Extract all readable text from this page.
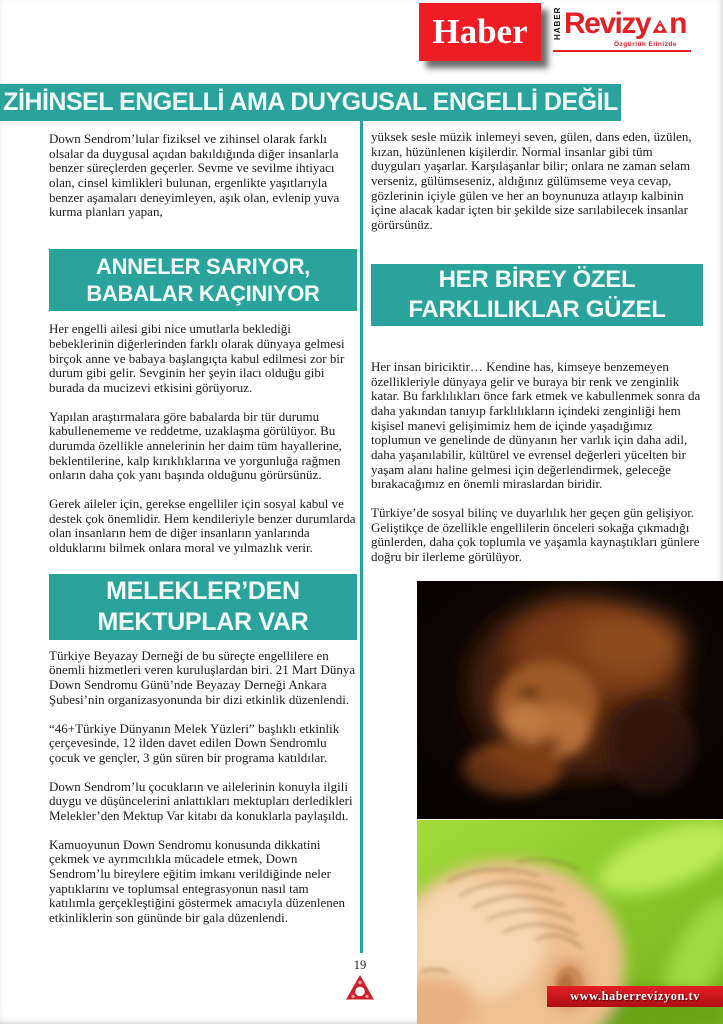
Haber	HABER Revizy n
Özgürlük Elinizde
ZİHİNSEL ENGELLİ AMA DUYGUSAL ENGELLİ DEĞİL

Down Sendrom’lular fiziksel ve zihinsel olarak farklı olsalar da duygusal açıdan bakıldığında diğer insanlarla benzer süreçlerden geçerler. Sevme ve sevilme ihtiyacı olan, cinsel kimlikleri bulunan, ergenlikte yaşıtlarıyla benzer aşamaları deneyimleyen, aşık olan, evlenip yuva kurma planları yapan,

ANNELER SARIYOR,
BABALAR KAÇINIYOR

Her engelli ailesi gibi nice umutlarla beklediği bebeklerinin diğerlerinden farklı olarak dünyaya gelmesi birçok anne ve babaya başlangıçta kabul edilmesi zor bir durum gibi gelir. Sevginin her şeyin ilacı olduğu gibi burada da mucizevi etkisini görüyoruz.

Yapılan araştırmalara göre babalarda bir tür durumu kabullenememe ve reddetme, uzaklaşma görülüyor. Bu durumda özellikle annelerinin her daim tüm hayallerine, beklentilerine, kalp kırıklıklarına ve yorgunluğa rağmen onların daha çok yanı başında olduğunu görürsünüz.

Gerek aileler için, gerekse engelliler için sosyal kabul ve destek çok önemlidir. Hem kendileriyle benzer durumlarda olan insanların hem de diğer insanların yanlarında olduklarını bilmek onlara moral ve yılmazlık verir.

MELEKLER’DEN
MEKTUPLAR VAR

Türkiye Beyazay Derneği de bu süreçte engellilere en önemli hizmetleri veren kuruluşlardan biri. 21 Mart Dünya Down Sendromu Günü’nde Beyazay Derneği Ankara Şubesi’nin organizasyonunda bir dizi etkinlik düzenlendi.

“46+Türkiye Dünyanın Melek Yüzleri” başlıklı etkinlik çerçevesinde, 12 ilden davet edilen Down Sendromlu çocuk ve gençler, 3 gün süren bir programa katıldılar.

Down Sendrom’lu çocukların ve ailelerinin konuyla ilgili duygu ve düşüncelerini anlattıkları mektupları derledikleri Melekler’den Mektup Var kitabı da konuklarla paylaşıldı.

Kamuoyunun Down Sendromu konusunda dikkatini çekmek ve ayrımcılıkla mücadele etmek, Down Sendrom’lu bireylere eğitim imkanı verildiğinde neler yaptıklarını ve toplumsal entegrasyonun nasıl tam katılımla gerçekleştiğini göstermek amacıyla düzenlenen etkinliklerin son gününde bir gala düzenlendi.

yüksek sesle müzik inlemeyi seven, gülen, dans eden, üzülen, kızan, hüzünlenen kişilerdir. Normal insanlar gibi tüm duyguları yaşarlar. Karşılaşanlar bilir; onlara ne zaman selam verseniz, gülümseseniz, aldığınız gülümseme veya cevap, gözlerinin içiyle gülen ve her an boynunuza atlayıp kalbinin içine alacak kadar içten bir şekilde size sarılabilecek insanlar görürsünüz.

HER BİREY ÖZEL
FARKLILIKLAR GÜZEL

Her insan biriciktir… Kendine has, kimseye benzemeyen özellikleriyle dünyaya gelir ve buraya bir renk ve zenginlik katar. Bu farklılıkları önce fark etmek ve kabullenmek sonra da daha yakından tanıyıp farklılıkların içindeki zenginliği hem kişisel manevi gelişimimiz hem de içinde yaşadığımız toplumun ve genelinde de dünyanın her varlık için daha adil, daha yaşanılabilir, kültürel ve evrensel değerleri yücelten bir yaşam alanı haline gelmesi için değerlendirmek, geleceğe bırakacağımız en önemli miraslardan biridir.

Türkiye’de sosyal bilinç ve duyarlılık her geçen gün gelişiyor. Geliştikçe de özellikle engellilerin önceleri sokağa çıkmadığı günlerden, daha çok toplumla ve yaşamla kaynaştıkları günlere doğru bir ilerleme görülüyor.

19
www.haberrevizyon.tv
